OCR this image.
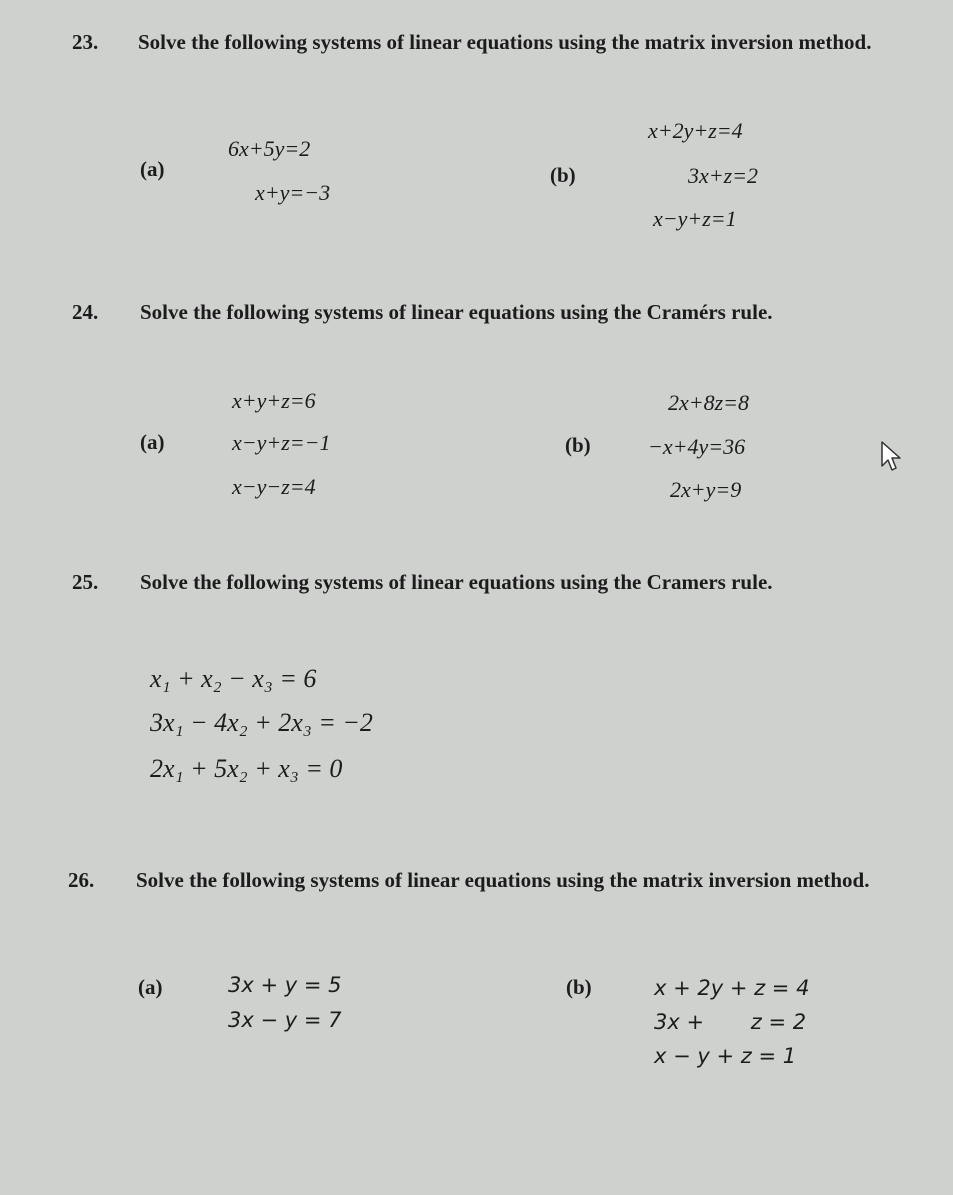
23. Solve the following systems of linear equations using the matrix inversion method.
(a)
6x+5y=2
x+y=−3
(b)
x+2y+z=4
3x+z=2
x−y+z=1
24. Solve the following systems of linear equations using the Cramérs rule.
(a)
x+y+z=6
x−y+z=−1
x−y−z=4
(b)
2x+8z=8
−x+4y=36
2x+y=9
25. Solve the following systems of linear equations using the Cramers rule.
x₁ + x₂ − x₃ = 6
3x₁ − 4x₂ + 2x₃ = −2
2x₁ + 5x₂ + x₃ = 0
26. Solve the following systems of linear equations using the matrix inversion method.
(a)	3x + y = 5
3x − y = 7
(b)	x + 2y + z = 4
3x +       z = 2
x − y + z = 1
